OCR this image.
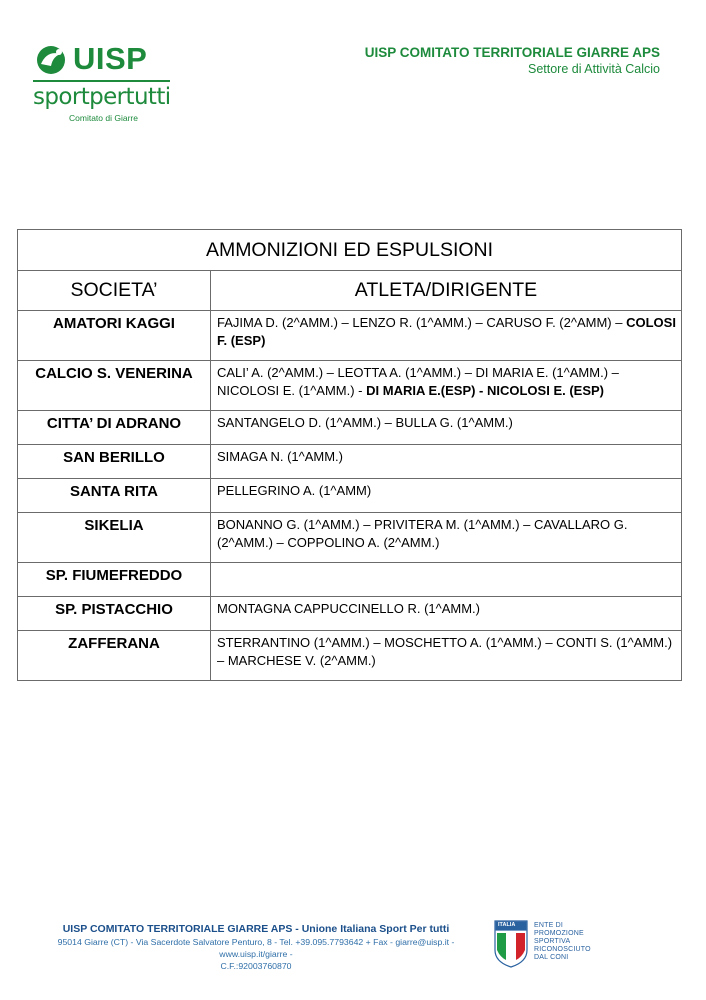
UISP
sportpertutti
Comitato di Giarre
UISP COMITATO TERRITORIALE GIARRE APS
Settore di Attività Calcio
AMMONIZIONI ED ESPULSIONI	
SOCIETA’	ATLETA/DIRIGENTE
AMATORI KAGGI	FAJIMA D. (2^AMM.) – LENZO R. (1^AMM.) – CARUSO F. (2^AMM) – COLOSI F. (ESP)
CALCIO S. VENERINA	CALI’ A. (2^AMM.) – LEOTTA A. (1^AMM.) – DI MARIA E. (1^AMM.) – NICOLOSI E. (1^AMM.) - DI MARIA E.(ESP) - NICOLOSI E. (ESP)
CITTA’ DI ADRANO	SANTANGELO D. (1^AMM.) – BULLA G. (1^AMM.)
SAN BERILLO	SIMAGA N. (1^AMM.)
SANTA RITA	PELLEGRINO A. (1^AMM)
SIKELIA	BONANNO G. (1^AMM.) – PRIVITERA M. (1^AMM.) – CAVALLARO G. (2^AMM.) – COPPOLINO A. (2^AMM.)
SP. FIUMEFREDDO	
SP. PISTACCHIO	MONTAGNA CAPPUCCINELLO R. (1^AMM.)
ZAFFERANA	STERRANTINO (1^AMM.) – MOSCHETTO A. (1^AMM.) – CONTI S. (1^AMM.) – MARCHESE V. (2^AMM.)
UISP COMITATO TERRITORIALE GIARRE APS - Unione Italiana Sport Per tutti
95014 Giarre (CT) - Via Sacerdote Salvatore Penturo, 8 - Tel. +39.095.7793642 + Fax - giarre@uisp.it - www.uisp.it/giarre -
C.F.:92003760870
ENTE DI PROMOZIONE
SPORTIVA
RICONOSCIUTO
DAL CONI
ITALIA
